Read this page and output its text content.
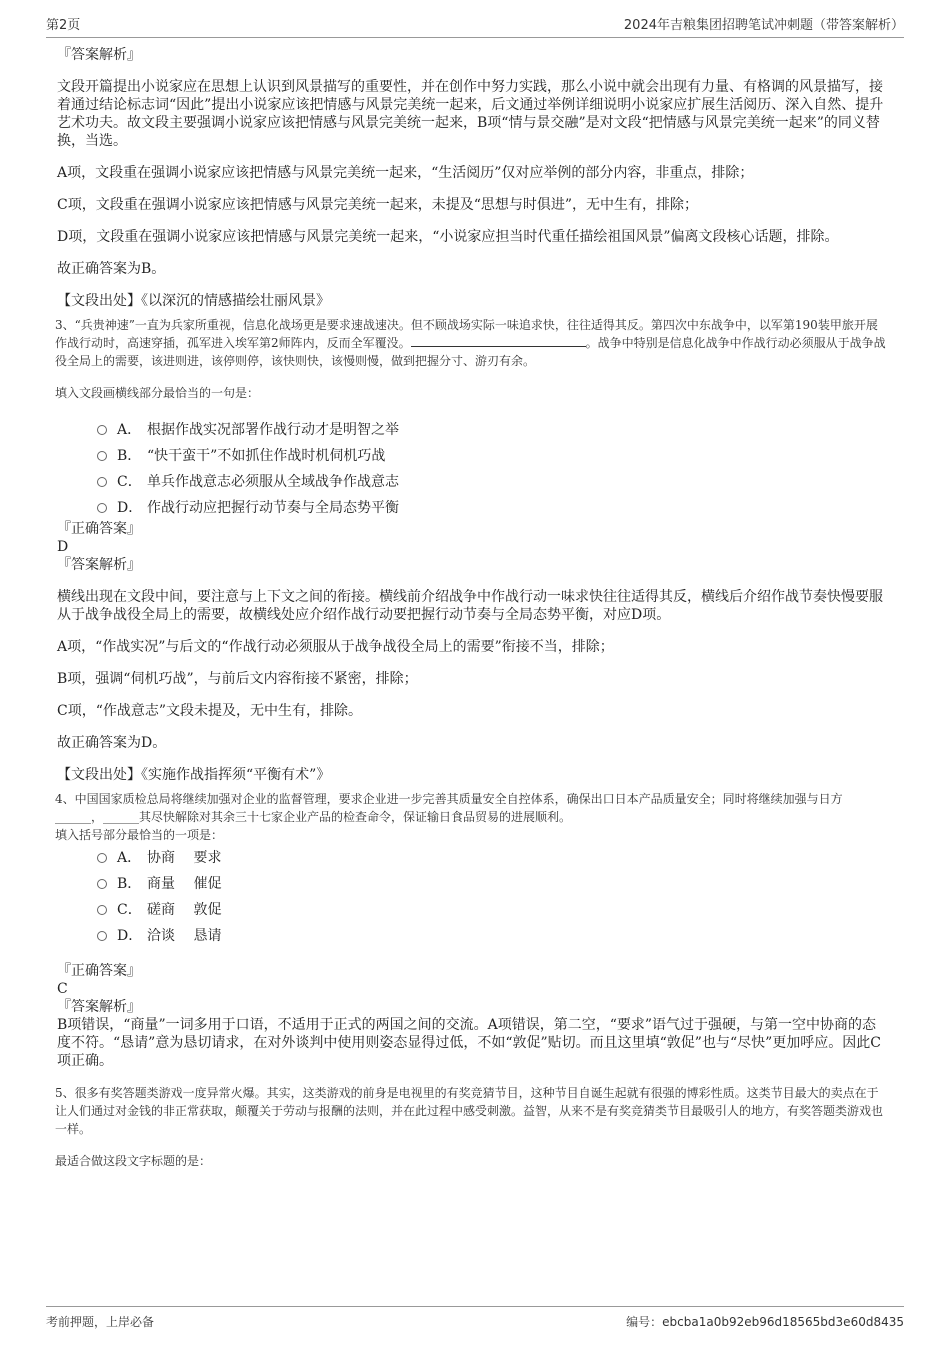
第2页	2024年吉粮集团招聘笔试冲刺题（带答案解析）

『答案解析』

文段开篇提出小说家应在思想上认识到风景描写的重要性，并在创作中努力实践，那么小说中就会出现有力量、有格调的风景描写，接着通过结论标志词“因此”提出小说家应该把情感与风景完美统一起来，后文通过举例详细说明小说家应扩展生活阅历、深入自然、提升艺术功夫。故文段主要强调小说家应该把情感与风景完美统一起来，B项“情与景交融”是对文段“把情感与风景完美统一起来”的同义替换，当选。

A项，文段重在强调小说家应该把情感与风景完美统一起来，“生活阅历”仅对应举例的部分内容，非重点，排除；

C项，文段重在强调小说家应该把情感与风景完美统一起来，未提及“思想与时俱进”，无中生有，排除；

D项，文段重在强调小说家应该把情感与风景完美统一起来，“小说家应担当时代重任描绘祖国风景”偏离文段核心话题，排除。

故正确答案为B。

【文段出处】《以深沉的情感描绘壮丽风景》

3、“兵贵神速”一直为兵家所重视，信息化战场更是要求速战速决。但不顾战场实际一味追求快，往往适得其反。第四次中东战争中，以军第190装甲旅开展作战行动时，高速穿插，孤军进入埃军第2师阵内，反而全军覆没。	。战争中特别是信息化战争中作战行动必须服从于战争战役全局上的需要，该进则进，该停则停，该快则快，该慢则慢，做到把握分寸、游刃有余。

填入文段画横线部分最恰当的一句是：

A． 根据作战实况部署作战行动才是明智之举
B． “快干蛮干”不如抓住作战时机伺机巧战
C． 单兵作战意志必须服从全域战争作战意志
D． 作战行动应把握行动节奏与全局态势平衡

『正确答案』

D

『答案解析』

横线出现在文段中间，要注意与上下文之间的衔接。横线前介绍战争中作战行动一味求快往往适得其反，横线后介绍作战节奏快慢要服从于战争战役全局上的需要，故横线处应介绍作战行动要把握行动节奏与全局态势平衡，对应D项。

A项，“作战实况”与后文的“作战行动必须服从于战争战役全局上的需要”衔接不当，排除；

B项，强调“伺机巧战”，与前后文内容衔接不紧密，排除；

C项，“作战意志”文段未提及，无中生有，排除。

故正确答案为D。

【文段出处】《实施作战指挥须“平衡有术”》

4、中国国家质检总局将继续加强对企业的监督管理，要求企业进一步完善其质量安全自控体系，确保出口日本产品质量安全；同时将继续加强与日方______，______其尽快解除对其余三十七家企业产品的检查命令，保证输日食品贸易的进展顺利。

填入括号部分最恰当的一项是：

A． 协商　 要求
B． 商量　 催促
C． 磋商　 敦促
D． 洽谈　 恳请

『正确答案』

C

『答案解析』

B项错误，“商量”一词多用于口语，不适用于正式的两国之间的交流。A项错误，第二空，“要求”语气过于强硬，与第一空中协商的态度不符。“恳请”意为恳切请求，在对外谈判中使用则姿态显得过低，不如“敦促”贴切。而且这里填“敦促”也与“尽快”更加呼应。因此C项正确。

5、很多有奖答题类游戏一度异常火爆。其实，这类游戏的前身是电视里的有奖竞猜节目，这种节目自诞生起就有很强的博彩性质。这类节目最大的卖点在于让人们通过对金钱的非正常获取，颠覆关于劳动与报酬的法则，并在此过程中感受刺激。益智，从来不是有奖竞猜类节目最吸引人的地方，有奖答题类游戏也一样。

最适合做这段文字标题的是：

考前押题，上岸必备	编号：ebcba1a0b92eb96d18565bd3e60d8435
